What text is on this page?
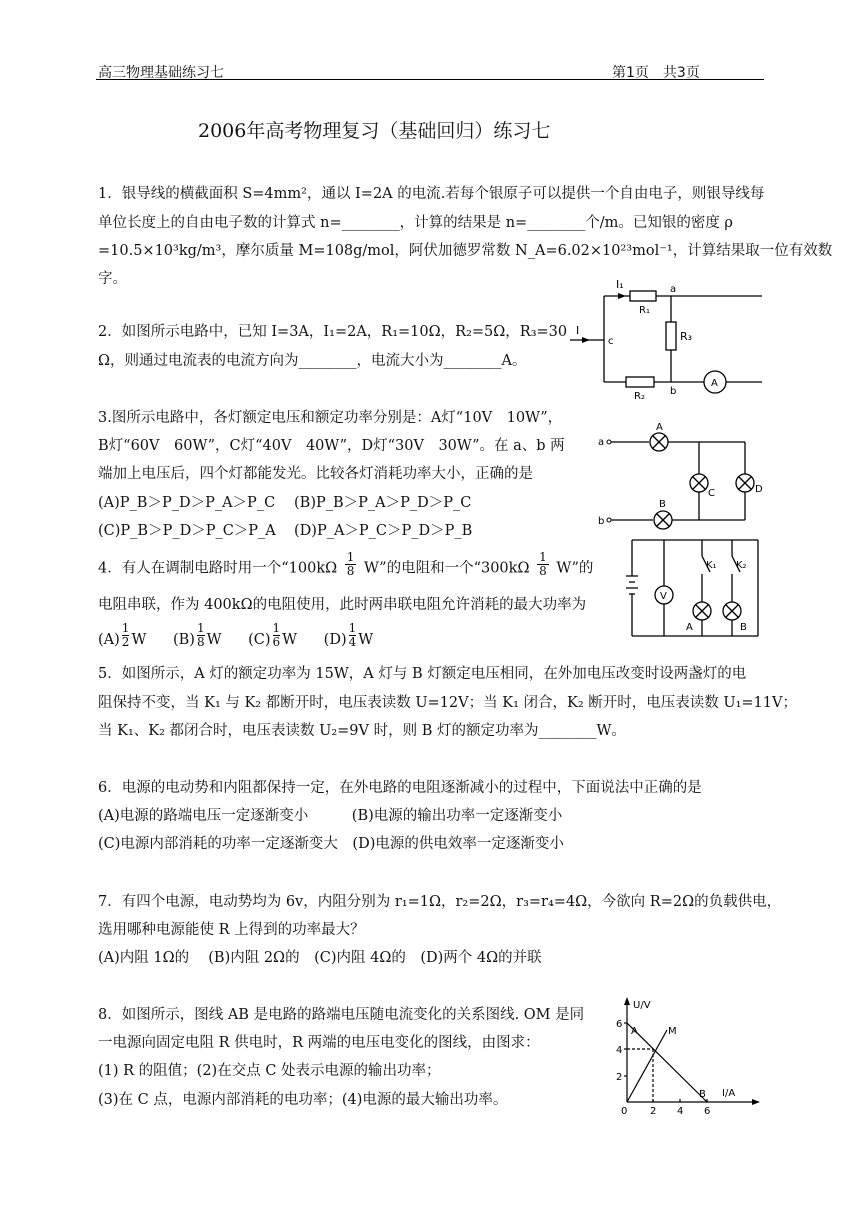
高三物理基础练习七	第1页　共3页
2006年高考物理复习（基础回归）练习七
1．银导线的横截面积 S=4mm²，通以 I=2A 的电流.若每个银原子可以提供一个自由电子，则银导线每
单位长度上的自由电子数的计算式 n=________，计算的结果是 n=________个/m。已知银的密度 ρ
=10.5×10³kg/m³，摩尔质量 M=108g/mol，阿伏加德罗常数 N_A=6.02×10²³mol⁻¹，计算结果取一位有效数
字。
2．如图所示电路中，已知 I=3A，I₁=2A，R₁=10Ω，R₂=5Ω，R₃=30
Ω，则通过电流表的电流方向为________，电流大小为________A。
I₁
R₁
a
R₃
I
c
R₂	b
A
3.图所示电路中，各灯额定电压和额定功率分别是：A灯“10V　10W”，
B灯“60V　60W”，C灯“40V　40W”，D灯“30V　30W”。在 a、b 两
端加上电压后，四个灯都能发光。比较各灯消耗功率大小，正确的是
(A)P_B＞P_D＞P_A＞P_C (B)P_B＞P_A＞P_D＞P_C
(C)P_B＞P_D＞P_C＞P_A (D)P_A＞P_C＞P_D＞P_B
a
b
A
B
C	D
4．有人在调制电路时用一个“$100k\Omega \frac{1}{8} W$”的电阻和一个“$300k\Omega \frac{1}{8} W$”的
电阻串联，作为 400kΩ的电阻使用，此时两串联电阻允许消耗的最大功率为
$(A) \frac{1}{2}$ W $(B) \frac{1}{8}$ W $(C) \frac{1}{6}$ W $(D) \frac{1}{4}$ W
V
K₁ K₂
A	B
5．如图所示，A 灯的额定功率为 15W，A 灯与 B 灯额定电压相同，在外加电压改变时设两盏灯的电
阻保持不变，当 K₁ 与 K₂ 都断开时，电压表读数 U=12V；当 K₁ 闭合，K₂ 断开时，电压表读数 U₁=11V；
当 K₁、K₂ 都闭合时，电压表读数 U₂=9V 时，则 B 灯的额定功率为________W。
6．电源的电动势和内阻都保持一定，在外电路的电阻逐渐减小的过程中，下面说法中正确的是
(A)电源的路端电压一定逐渐变小　　　(B)电源的输出功率一定逐渐变小
(C)电源内部消耗的功率一定逐渐变大　(D)电源的供电效率一定逐渐变小
7．有四个电源，电动势均为 6v，内阻分别为 r₁=1Ω，r₂=2Ω，r₃=r₄=4Ω，今欲向 R=2Ω的负载供电，
选用哪种电源能使 R 上得到的功率最大？
(A)内阻 1Ω的　 (B)内阻 2Ω的　(C)内阻 4Ω的　(D)两个 4Ω的并联
8．如图所示，图线 AB 是电路的路端电压随电流变化的关系图线. OM 是同
一电源向固定电阻 R 供电时，R 两端的电压电变化的图线，由图求：
(1) R 的阻值；(2)在交点 C 处表示电源的输出功率；
(3)在 C 点，电源内部消耗的电功率；(4)电源的最大输出功率。
U/V
I/A
A	M
B
0
6
4
2
2 4 6
